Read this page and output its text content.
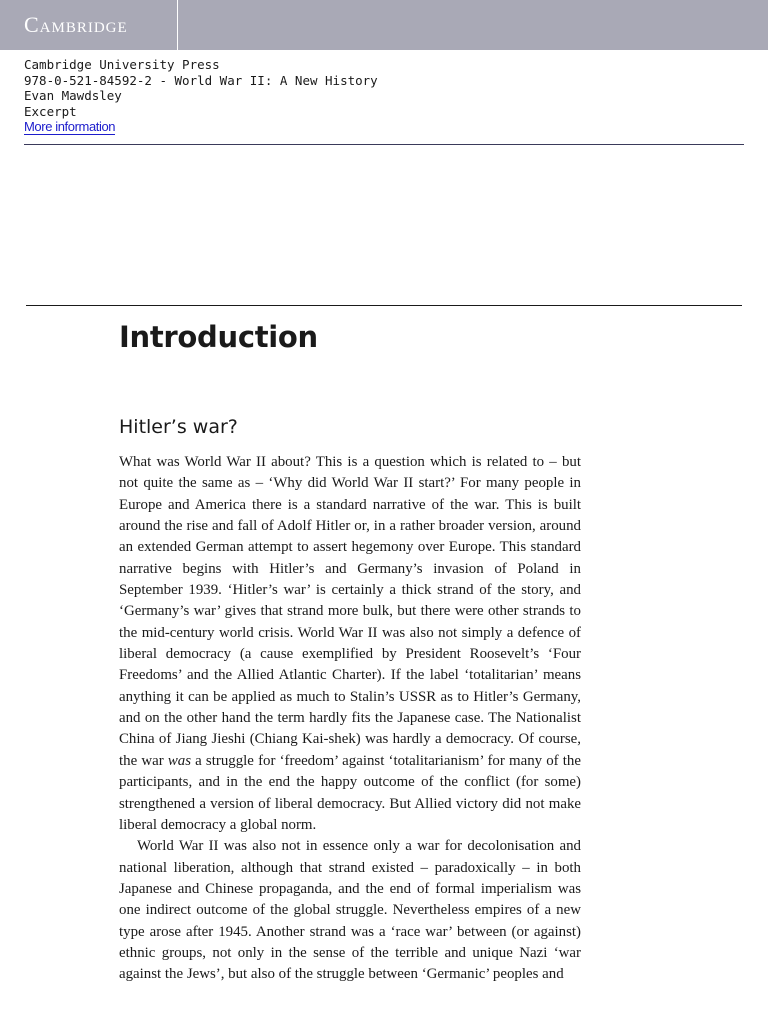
Cambridge
Cambridge University Press
978-0-521-84592-2 - World War II: A New History
Evan Mawdsley
Excerpt
More information
Introduction
Hitler’s war?

What was World War II about? This is a question which is related to – but not quite the same as – ‘Why did World War II start?’ For many people in Europe and America there is a standard narrative of the war. This is built around the rise and fall of Adolf Hitler or, in a rather broader version, around an extended German attempt to assert hegemony over Europe. This standard narrative begins with Hitler’s and Germany’s invasion of Poland in September 1939. ‘Hitler’s war’ is certainly a thick strand of the story, and ‘Germany’s war’ gives that strand more bulk, but there were other strands to the mid-century world crisis. World War II was also not simply a defence of liberal democracy (a cause exemplified by President Roosevelt’s ‘Four Freedoms’ and the Allied Atlantic Charter). If the label ‘totalitarian’ means anything it can be applied as much to Stalin’s USSR as to Hitler’s Germany, and on the other hand the term hardly fits the Japanese case. The Nationalist China of Jiang Jieshi (Chiang Kai-shek) was hardly a democracy. Of course, the war was a struggle for ‘freedom’ against ‘totalitarianism’ for many of the participants, and in the end the happy outcome of the conflict (for some) strengthened a version of liberal democracy. But Allied victory did not make liberal democracy a global norm.

World War II was also not in essence only a war for decolonisation and national liberation, although that strand existed – paradoxically – in both Japanese and Chinese propaganda, and the end of formal imperialism was one indirect outcome of the global struggle. Nevertheless empires of a new type arose after 1945. Another strand was a ‘race war’ between (or against) ethnic groups, not only in the sense of the terrible and unique Nazi ‘war against the Jews’, but also of the struggle between ‘Germanic’ peoples and
